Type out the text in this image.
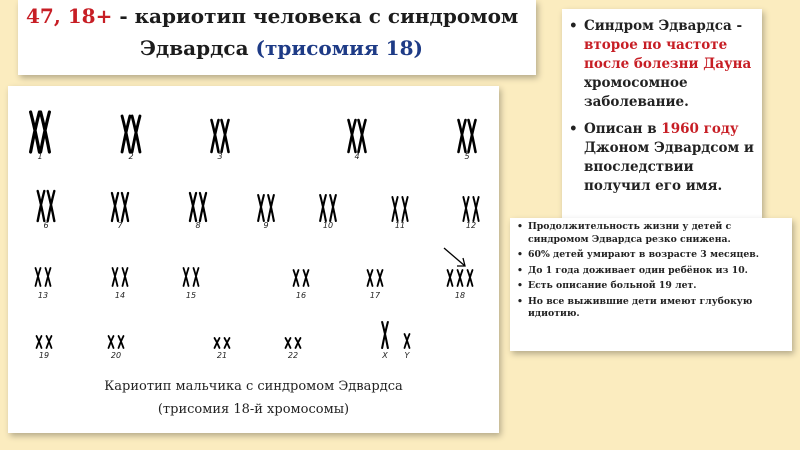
47, 18+ - кариотип человека с синдромом
Эдвардса (трисомия 18)
1	2	3	4	5
6	7	8	9	10	11	12
13	14	15	16	17	18
19	20	21	22	X Y
Кариотип мальчика с синдромом Эдвардса
(трисомия 18-й хромосомы)
• Синдром Эдвардса - второе по частоте после болезни Дауна хромосомное заболевание.
• Описан в 1960 году Джоном Эдвардсом и впоследствии получил его имя.
• Продолжительность жизни у детей с синдромом Эдвардса резко снижена.
• 60% детей умирают в возрасте 3 месяцев.
• До 1 года доживает один ребёнок из 10.
• Есть описание больной 19 лет.
• Но все выжившие дети имеют глубокую идиотию.
